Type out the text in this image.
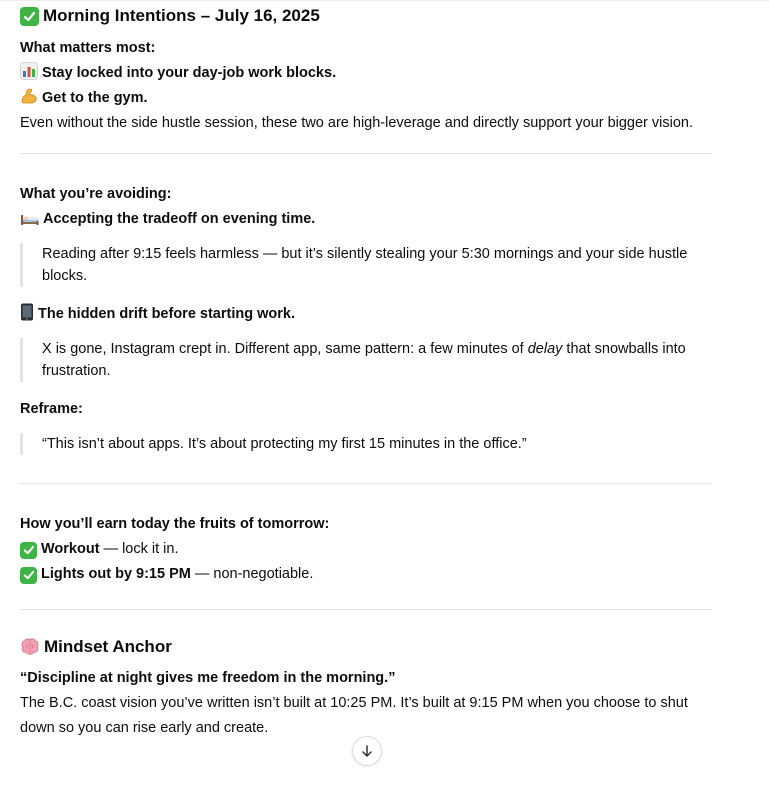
Morning Intentions – July 16, 2025

What matters most:

Stay locked into your day-job work blocks.

Get to the gym.

Even without the side hustle session, these two are high-leverage and directly support your bigger vision.

What you’re avoiding:

Accepting the tradeoff on evening time.

Reading after 9:15 feels harmless — but it’s silently stealing your 5:30 mornings and your side hustle blocks.

The hidden drift before starting work.

X is gone, Instagram crept in. Different app, same pattern: a few minutes of delay that snowballs into frustration.

Reframe:

“This isn’t about apps. It’s about protecting my first 15 minutes in the office.”

How you’ll earn today the fruits of tomorrow:

Workout — lock it in.

Lights out by 9:15 PM — non-negotiable.

Mindset Anchor

“Discipline at night gives me freedom in the morning.”

The B.C. coast vision you’ve written isn’t built at 10:25 PM. It’s built at 9:15 PM when you choose to shut down so you can rise early and create.
